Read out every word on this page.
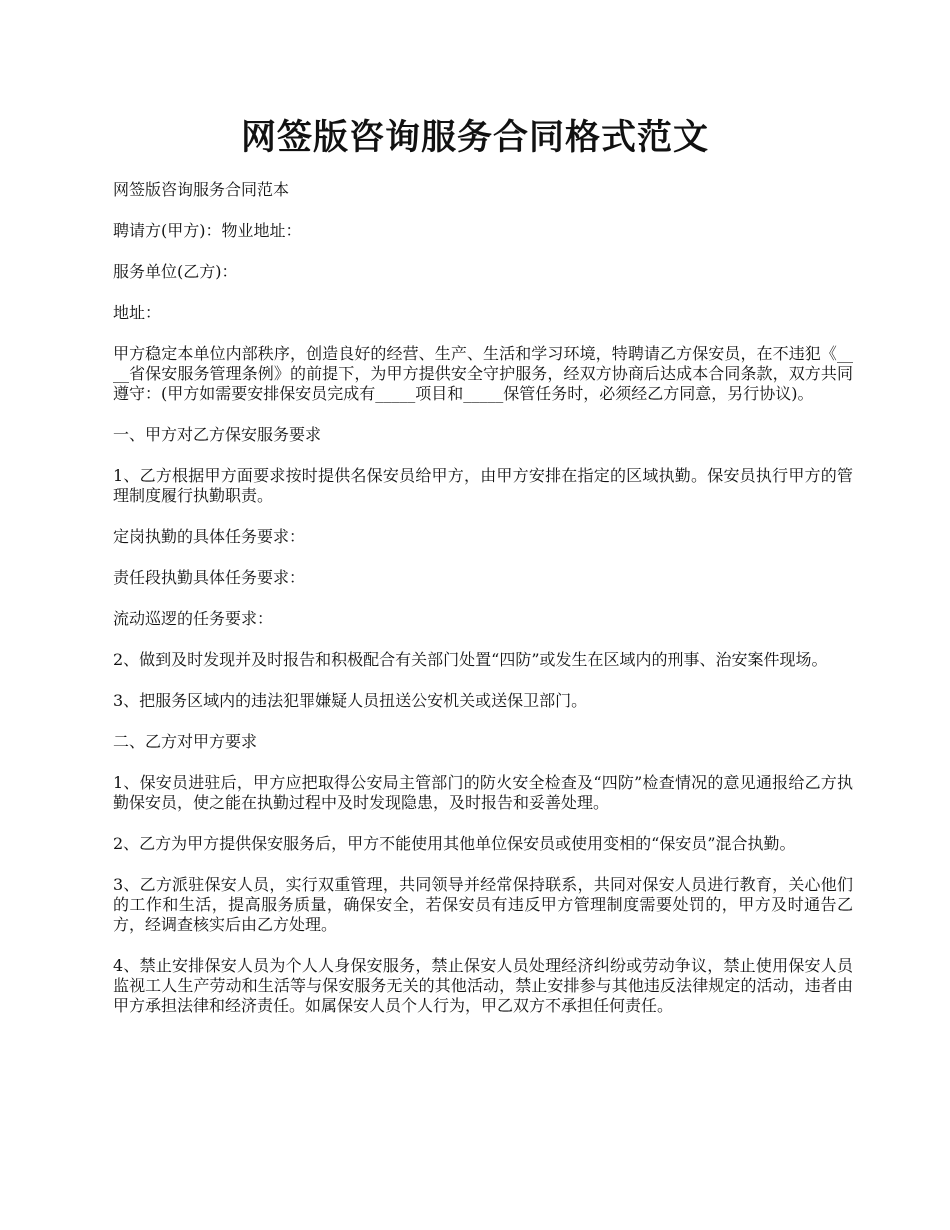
网签版咨询服务合同格式范文

网签版咨询服务合同范本

聘请方(甲方)：物业地址：

服务单位(乙方)：

地址：

甲方稳定本单位内部秩序，创造良好的经营、生产、生活和学习环境，特聘请乙方保安员，在不违犯《____省保安服务管理条例》的前提下，为甲方提供安全守护服务，经双方协商后达成本合同条款，双方共同遵守：(甲方如需要安排保安员完成有_____项目和_____保管任务时，必须经乙方同意，另行协议)。

一、甲方对乙方保安服务要求

1、乙方根据甲方面要求按时提供名保安员给甲方，由甲方安排在指定的区域执勤。保安员执行甲方的管理制度履行执勤职责。

定岗执勤的具体任务要求：

责任段执勤具体任务要求：

流动巡逻的任务要求：

2、做到及时发现并及时报告和积极配合有关部门处置“四防”或发生在区域内的刑事、治安案件现场。

3、把服务区域内的违法犯罪嫌疑人员扭送公安机关或送保卫部门。

二、乙方对甲方要求

1、保安员进驻后，甲方应把取得公安局主管部门的防火安全检查及“四防”检查情况的意见通报给乙方执勤保安员，使之能在执勤过程中及时发现隐患，及时报告和妥善处理。

2、乙方为甲方提供保安服务后，甲方不能使用其他单位保安员或使用变相的“保安员”混合执勤。

3、乙方派驻保安人员，实行双重管理，共同领导并经常保持联系，共同对保安人员进行教育，关心他们的工作和生活，提高服务质量，确保安全，若保安员有违反甲方管理制度需要处罚的，甲方及时通告乙方，经调查核实后由乙方处理。

4、禁止安排保安人员为个人人身保安服务，禁止保安人员处理经济纠纷或劳动争议，禁止使用保安人员监视工人生产劳动和生活等与保安服务无关的其他活动，禁止安排参与其他违反法律规定的活动，违者由甲方承担法律和经济责任。如属保安人员个人行为，甲乙双方不承担任何责任。
